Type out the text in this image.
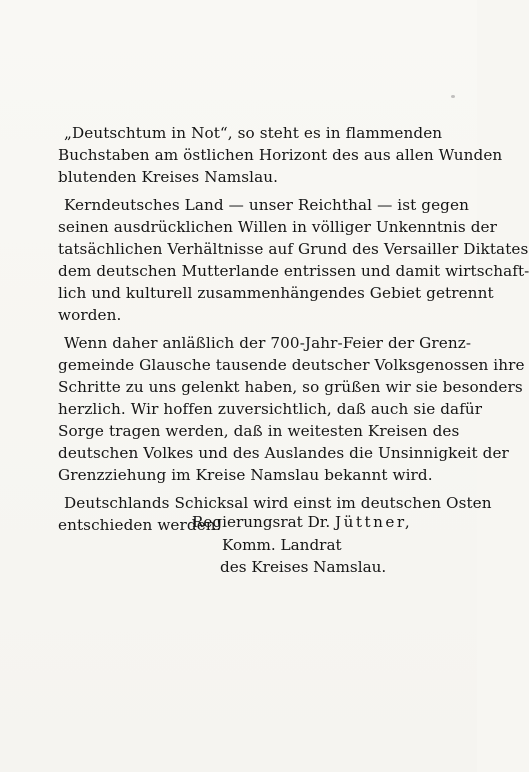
„Deutschtum in Not“, so steht es in flammenden
Buchstaben am östlichen Horizont des aus allen Wunden
blutenden Kreises Namslau.

Kerndeutsches Land — unser Reichthal — ist gegen
seinen ausdrücklichen Willen in völliger Unkenntnis der
tatsächlichen Verhältnisse auf Grund des Versailler Diktates
dem deutschen Mutterlande entrissen und damit wirtschaft-
lich und kulturell zusammenhängendes Gebiet getrennt
worden.

Wenn daher anläßlich der 700-Jahr-Feier der Grenz-
gemeinde Glausche tausende deutscher Volksgenossen ihre
Schritte zu uns gelenkt haben, so grüßen wir sie besonders
herzlich. Wir hoffen zuversichtlich, daß auch sie dafür
Sorge tragen werden, daß in weitesten Kreisen des
deutschen Volkes und des Auslandes die Unsinnigkeit der
Grenzziehung im Kreise Namslau bekannt wird.

Deutschlands Schicksal wird einst im deutschen Osten
entschieden werden!

Regierungsrat Dr. Jüttner,
Komm. Landrat
des Kreises Namslau.
